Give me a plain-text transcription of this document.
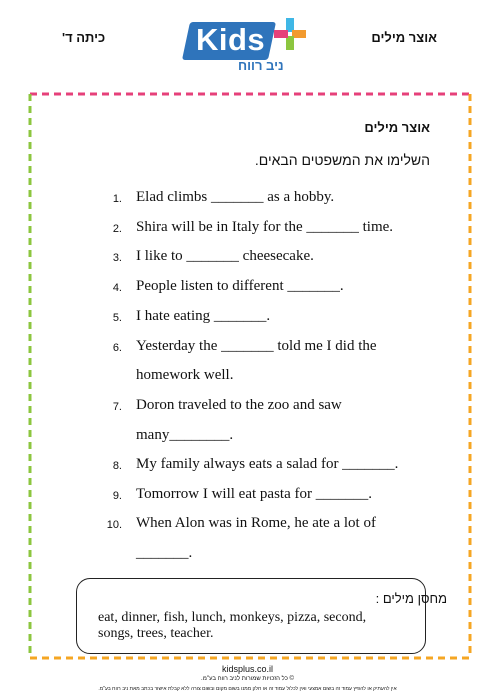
כיתה ד'	אוצר מילים
Kids
ניב רווח
אוצר מילים
השלימו את המשפטים הבאים.
1. Elad climbs _______ as a hobby.
2. Shira will be in Italy for the _______ time.
3. I like to _______ cheesecake.
4. People listen to different _______.
5. I hate eating _______.
6. Yesterday the _______ told me I did the
homework well.
7. Doron traveled to the zoo and saw
many________.
8. My family always eats a salad for _______.
9. Tomorrow I will eat pasta for _______.
10. When Alon was in Rome, he ate a lot of
_______.
מחסן מילים :
eat, dinner, fish, lunch, monkeys, pizza, second, songs, trees, teacher.
kidsplus.co.il
© כל הזכויות שמורות לניב רווח בע"מ.
אין להעתיק או להפיץ עמוד זה בשום אמצעי ואין לכלול עמוד זה או חלק ממנו בשום מקום ובשום צורה ללא קבלת אישור בכתב מאת ניב רווח בע"מ.
